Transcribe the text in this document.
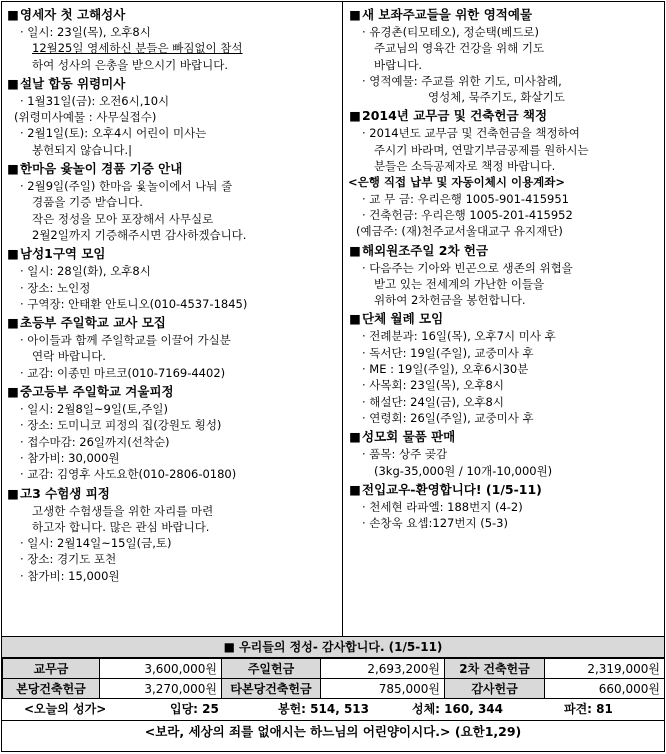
■영세자 첫 고해성사
· 일시: 23일(목), 오후8시
12월25일 영세하신 분들은 빠짐없이 참석
하여 성사의 은총을 받으시기 바랍니다.
■설날 합동 위령미사
· 1월31일(금): 오전6시,10시
(위령미사예물 : 사무실접수)
· 2월1일(토): 오후4시 어린이 미사는
봉헌되지 않습니다.|
■한마음 윷놀이 경품 기증 안내
· 2월9일(주일) 한마음 윷놀이에서 나눠 줄
경품을 기증 받습니다.
작은 정성을 모아 포장해서 사무실로
2월2일까지 기증해주시면 감사하겠습니다.
■남성1구역 모임
· 일시: 28일(화), 오후8시
· 장소: 노인정
· 구역장: 안태환 안토니오(010-4537-1845)
■초등부 주일학교 교사 모집
· 아이들과 함께 주일학교를 이끌어 가실분
연락 바랍니다.
· 교감: 이종민 마르코(010-7169-4402)
■중고등부 주일학교 겨울피정
· 일시: 2월8일~9일(토,주일)
· 장소: 도미니코 피정의 집(강원도 횡성)
· 접수마감: 26일까지(선착순)
· 참가비: 30,000원
· 교감: 김영후 사도요한(010-2806-0180)
■고3 수험생 피정
고생한 수험생들을 위한 자리를 마련
하고자 합니다. 많은 관심 바랍니다.
· 일시: 2월14일~15일(금,토)
· 장소: 경기도 포천
· 참가비: 15,000원
■새 보좌주교들을 위한 영적예물
· 유경촌(티모테오), 정순택(베드로)
주교님의 영육간 건강을 위해 기도
바랍니다.
· 영적예물: 주교를 위한 기도, 미사참례,
영성체, 묵주기도, 화살기도
■2014년 교무금 및 건축헌금 책정
· 2014년도 교무금 및 건축헌금을 책정하여
주시기 바라며, 연말기부금공제를 원하시는
분들은 소득공제자로 책정 바랍니다.
<은행 직접 납부 및 자동이체시 이용계좌>
· 교 무 금: 우리은행 1005-901-415951
· 건축헌금: 우리은행 1005-201-415952
(예금주: (재)천주교서울대교구 유지재단)
■해외원조주일 2차 헌금
· 다음주는 기아와 빈곤으로 생존의 위협을
받고 있는 전세계의 가난한 이들을
위하여 2차헌금을 봉헌합니다.
■단체 월례 모임
· 전례분과: 16일(목), 오후7시 미사 후
· 독서단: 19일(주일), 교중미사 후
· ME : 19일(주일), 오후6시30분
· 사목회: 23일(목), 오후8시
· 해설단: 24일(금), 오후8시
· 연령회: 26일(주일), 교중미사 후
■성모회 물품 판매
· 품목: 상주 곶감
(3kg-35,000원 / 10개-10,000원)
■전입교우-환영합니다! (1/5-11)
· 천세현 라파엘: 188번지 (4-2)
· 손창욱 요셉:127번지 (5-3)
■ 우리들의 정성- 감사합니다. (1/5-11)
교무금	3,600,000원	주일헌금	2,693,200원	2차 건축헌금	2,319,000원
본당건축헌금	3,270,000원	타본당건축헌금	785,000원	감사헌금	660,000원
<오늘의 성가>	입당: 25	봉헌: 514, 513	성체: 160, 344	파견: 81
<보라, 세상의 죄를 없애시는 하느님의 어린양이시다.> (요한1,29)
